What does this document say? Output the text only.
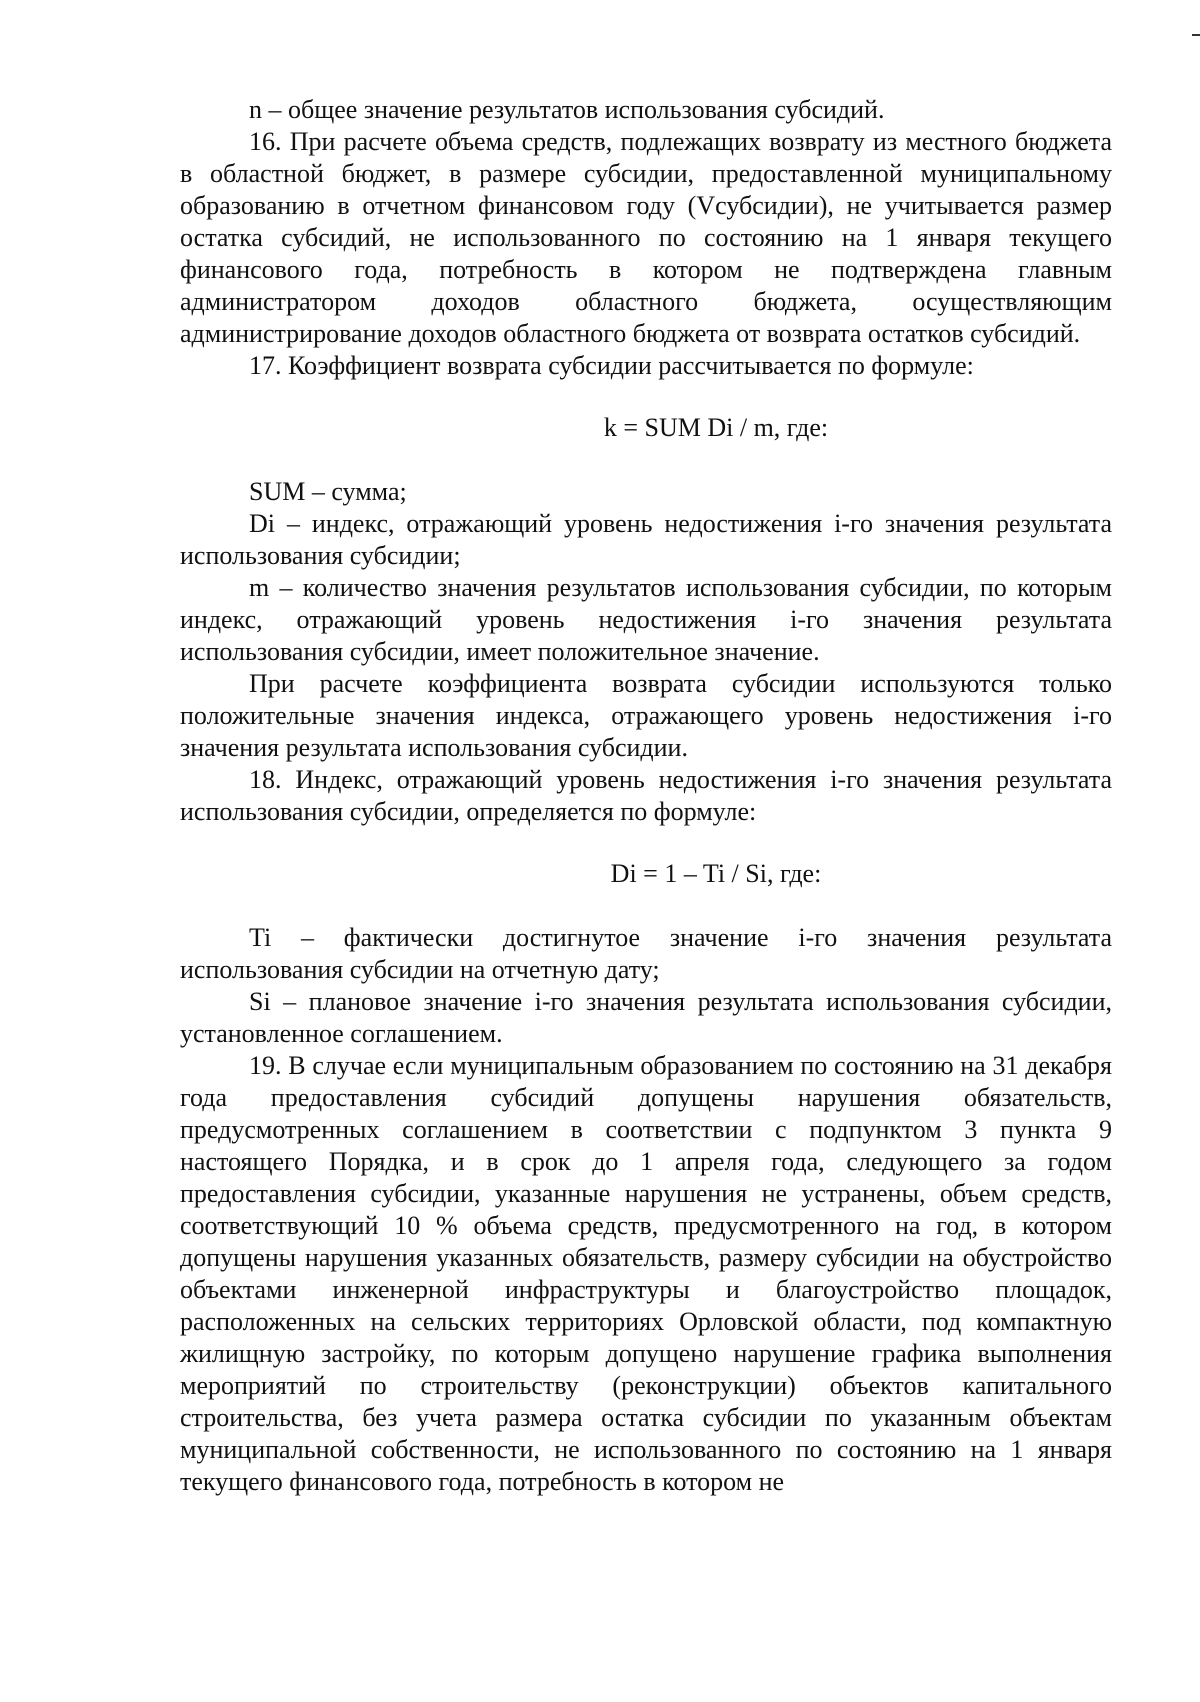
n – общее значение результатов использования субсидий.

16. При расчете объема средств, подлежащих возврату из местного бюджета в областной бюджет, в размере субсидии, предоставленной муниципальному образованию в отчетном финансовом году (Vсубсидии), не учитывается размер остатка субсидий, не использованного по состоянию на 1 января текущего финансового года, потребность в котором не подтверждена главным администратором доходов областного бюджета, осуществляющим администрирование доходов областного бюджета от возврата остатков субсидий.

17. Коэффициент возврата субсидии рассчитывается по формуле:

k = SUM Di / m, где:

SUM – сумма;

Di – индекс, отражающий уровень недостижения i-го значения результата использования субсидии;

m – количество значения результатов использования субсидии, по которым индекс, отражающий уровень недостижения i-го значения результата использования субсидии, имеет положительное значение.

При расчете коэффициента возврата субсидии используются только положительные значения индекса, отражающего уровень недостижения i-го значения результата использования субсидии.

18. Индекс, отражающий уровень недостижения i-го значения результата использования субсидии, определяется по формуле:

Di = 1 – Ti / Si, где:

Ti – фактически достигнутое значение i-го значения результата использования субсидии на отчетную дату;

Si – плановое значение i-го значения результата использования субсидии, установленное соглашением.

19. В случае если муниципальным образованием по состоянию на 31 декабря года предоставления субсидий допущены нарушения обязательств, предусмотренных соглашением в соответствии с подпунктом 3 пункта 9 настоящего Порядка, и в срок до 1 апреля года, следующего за годом предоставления субсидии, указанные нарушения не устранены, объем средств, соответствующий 10 % объема средств, предусмотренного на год, в котором допущены нарушения указанных обязательств, размеру субсидии на обустройство объектами инженерной инфраструктуры и благоустройство площадок, расположенных на сельских территориях Орловской области, под компактную жилищную застройку, по которым допущено нарушение графика выполнения мероприятий по строительству (реконструкции) объектов капитального строительства, без учета размера остатка субсидии по указанным объектам муниципальной собственности, не использованного по состоянию на 1 января текущего финансового года, потребность в котором не
